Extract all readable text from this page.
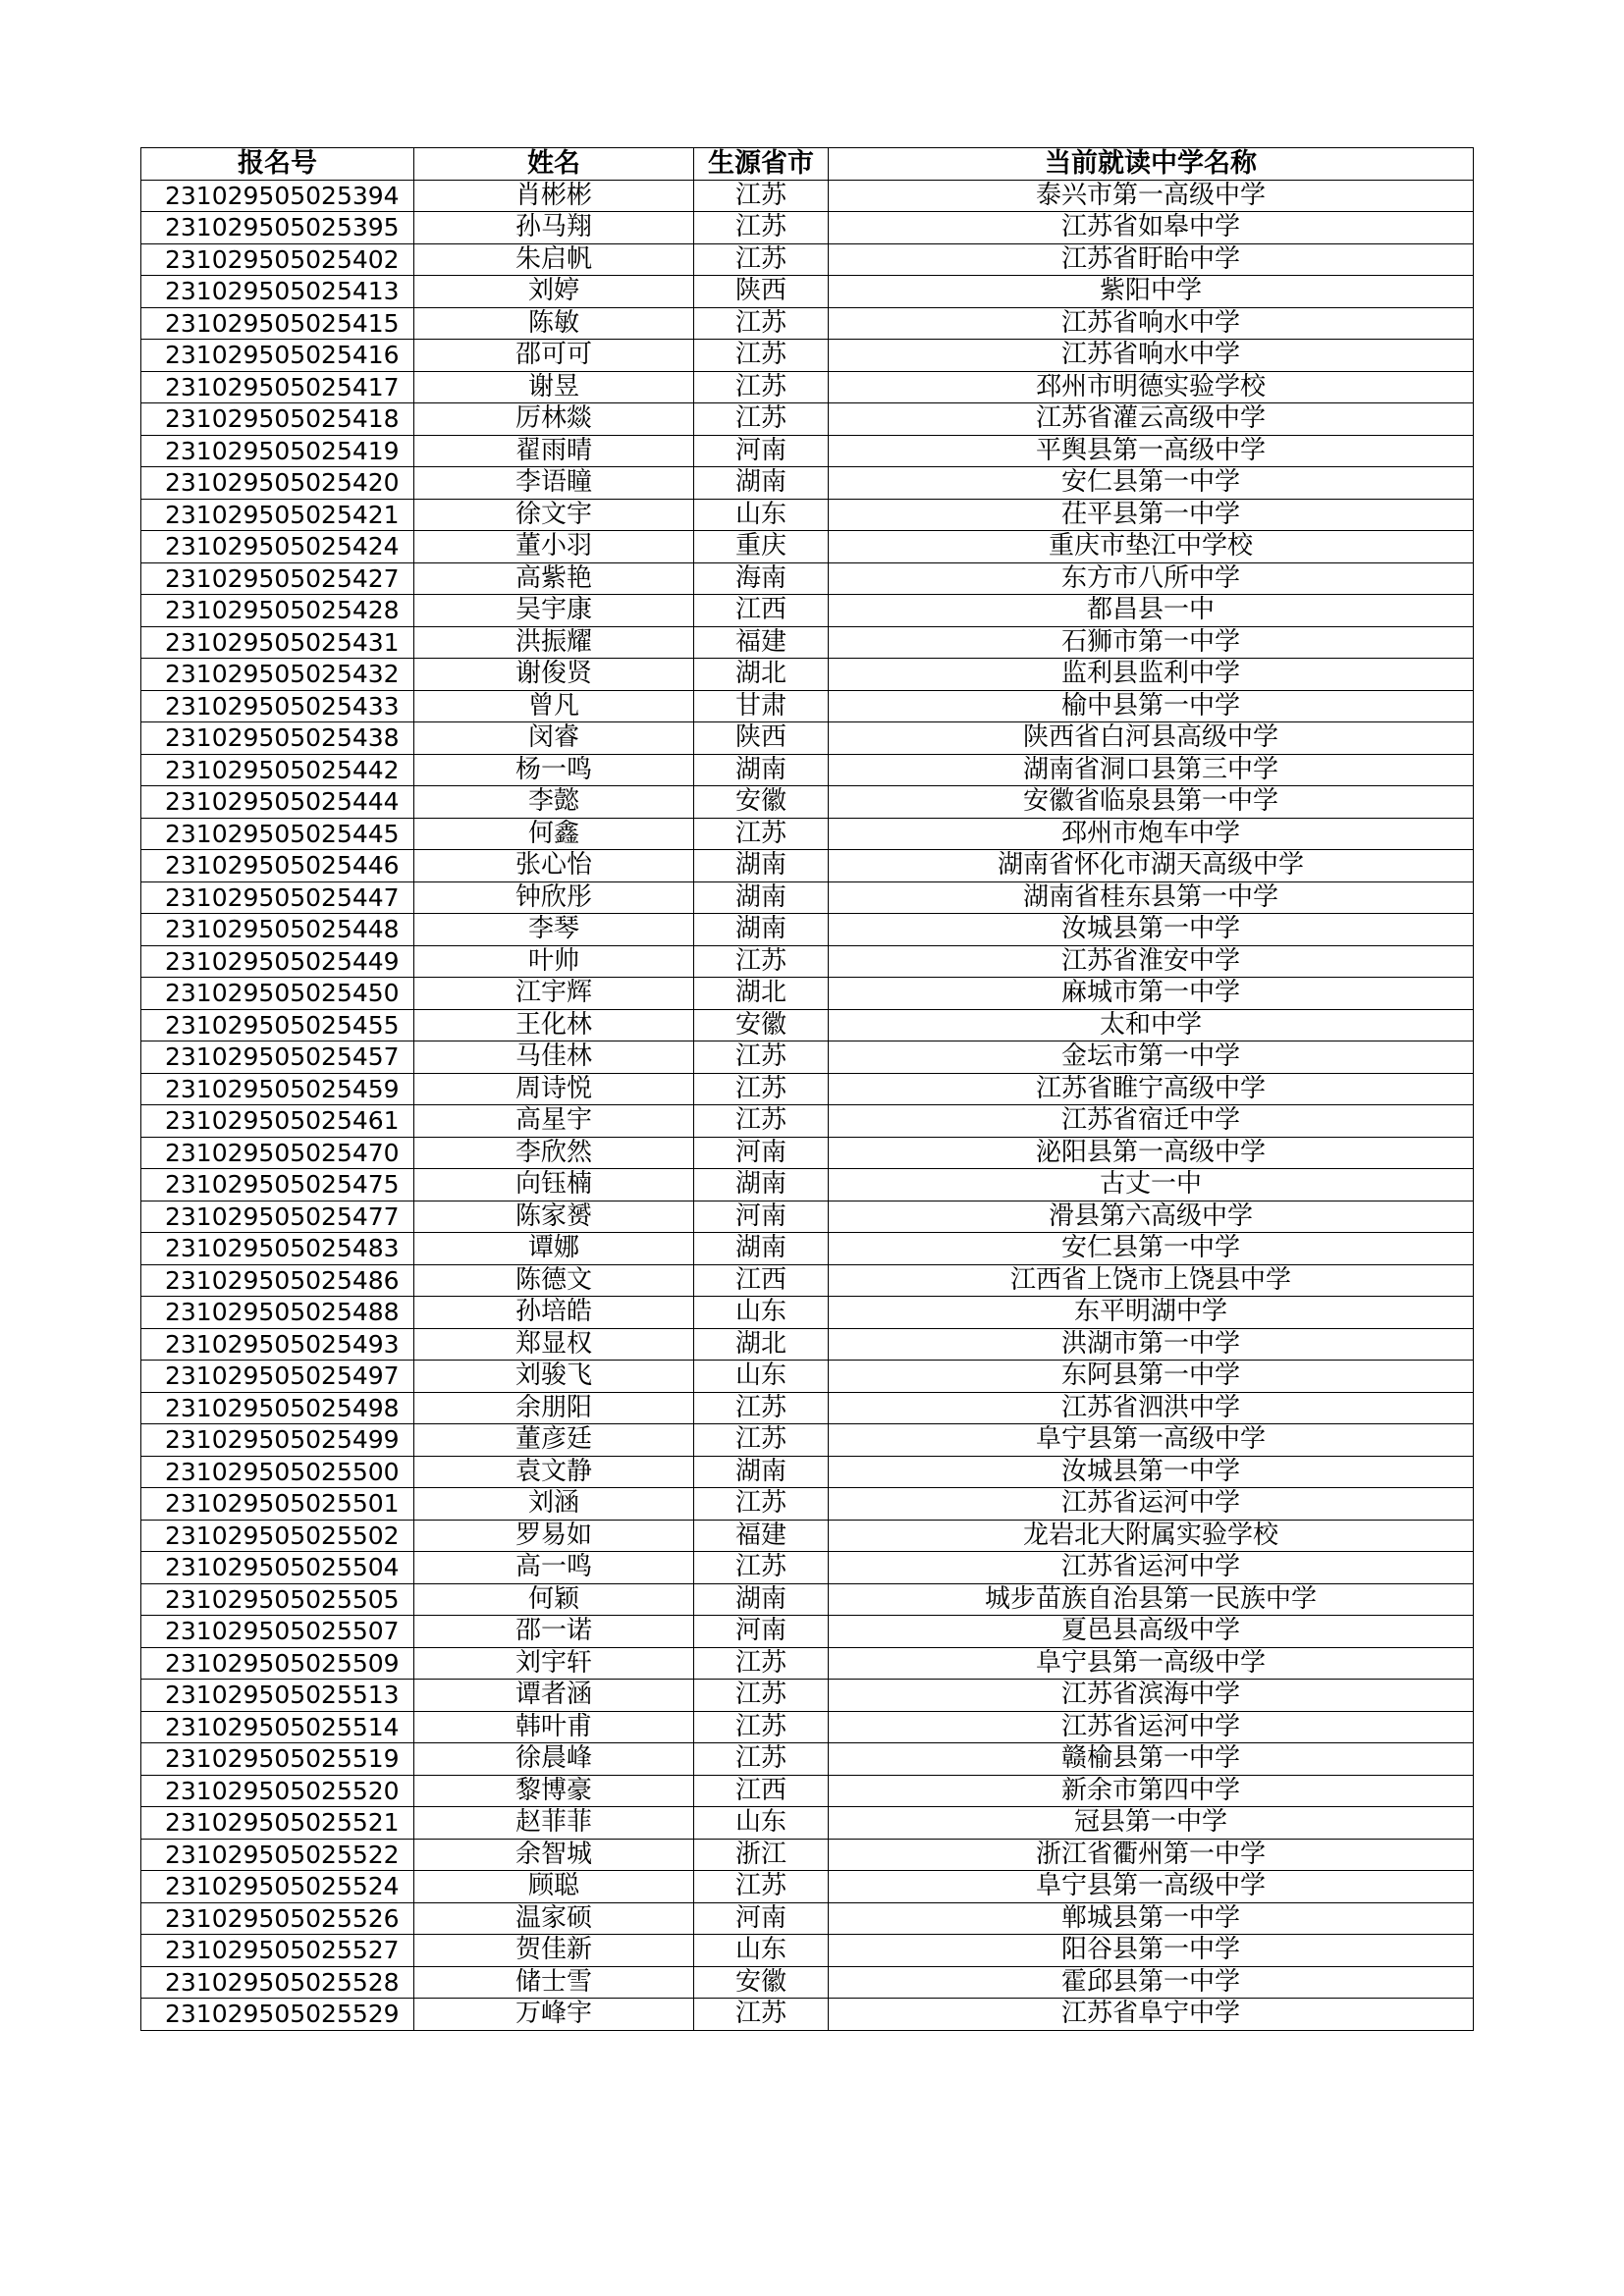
报名号	姓名	生源省市	当前就读中学名称
231029505025394	肖彬彬	江苏	泰兴市第一高级中学
231029505025395	孙马翔	江苏	江苏省如皋中学
231029505025402	朱启帆	江苏	江苏省盱眙中学
231029505025413	刘婷	陕西	紫阳中学
231029505025415	陈敏	江苏	江苏省响水中学
231029505025416	邵可可	江苏	江苏省响水中学
231029505025417	谢昱	江苏	邳州市明德实验学校
231029505025418	厉林燚	江苏	江苏省灌云高级中学
231029505025419	翟雨晴	河南	平舆县第一高级中学
231029505025420	李语瞳	湖南	安仁县第一中学
231029505025421	徐文宇	山东	茌平县第一中学
231029505025424	董小羽	重庆	重庆市垫江中学校
231029505025427	高紫艳	海南	东方市八所中学
231029505025428	吴宇康	江西	都昌县一中
231029505025431	洪振耀	福建	石狮市第一中学
231029505025432	谢俊贤	湖北	监利县监利中学
231029505025433	曾凡	甘肃	榆中县第一中学
231029505025438	闵睿	陕西	陕西省白河县高级中学
231029505025442	杨一鸣	湖南	湖南省洞口县第三中学
231029505025444	李懿	安徽	安徽省临泉县第一中学
231029505025445	何鑫	江苏	邳州市炮车中学
231029505025446	张心怡	湖南	湖南省怀化市湖天高级中学
231029505025447	钟欣彤	湖南	湖南省桂东县第一中学
231029505025448	李琴	湖南	汝城县第一中学
231029505025449	叶帅	江苏	江苏省淮安中学
231029505025450	江宇辉	湖北	麻城市第一中学
231029505025455	王化林	安徽	太和中学
231029505025457	马佳林	江苏	金坛市第一中学
231029505025459	周诗悦	江苏	江苏省睢宁高级中学
231029505025461	高星宇	江苏	江苏省宿迁中学
231029505025470	李欣然	河南	泌阳县第一高级中学
231029505025475	向钰楠	湖南	古丈一中
231029505025477	陈家赟	河南	滑县第六高级中学
231029505025483	谭娜	湖南	安仁县第一中学
231029505025486	陈德文	江西	江西省上饶市上饶县中学
231029505025488	孙培皓	山东	东平明湖中学
231029505025493	郑显权	湖北	洪湖市第一中学
231029505025497	刘骏飞	山东	东阿县第一中学
231029505025498	余朋阳	江苏	江苏省泗洪中学
231029505025499	董彦廷	江苏	阜宁县第一高级中学
231029505025500	袁文静	湖南	汝城县第一中学
231029505025501	刘涵	江苏	江苏省运河中学
231029505025502	罗易如	福建	龙岩北大附属实验学校
231029505025504	高一鸣	江苏	江苏省运河中学
231029505025505	何颖	湖南	城步苗族自治县第一民族中学
231029505025507	邵一诺	河南	夏邑县高级中学
231029505025509	刘宇轩	江苏	阜宁县第一高级中学
231029505025513	谭者涵	江苏	江苏省滨海中学
231029505025514	韩叶甫	江苏	江苏省运河中学
231029505025519	徐晨峰	江苏	赣榆县第一中学
231029505025520	黎博豪	江西	新余市第四中学
231029505025521	赵菲菲	山东	冠县第一中学
231029505025522	余智城	浙江	浙江省衢州第一中学
231029505025524	顾聪	江苏	阜宁县第一高级中学
231029505025526	温家硕	河南	郸城县第一中学
231029505025527	贺佳新	山东	阳谷县第一中学
231029505025528	储士雪	安徽	霍邱县第一中学
231029505025529	万峰宇	江苏	江苏省阜宁中学
